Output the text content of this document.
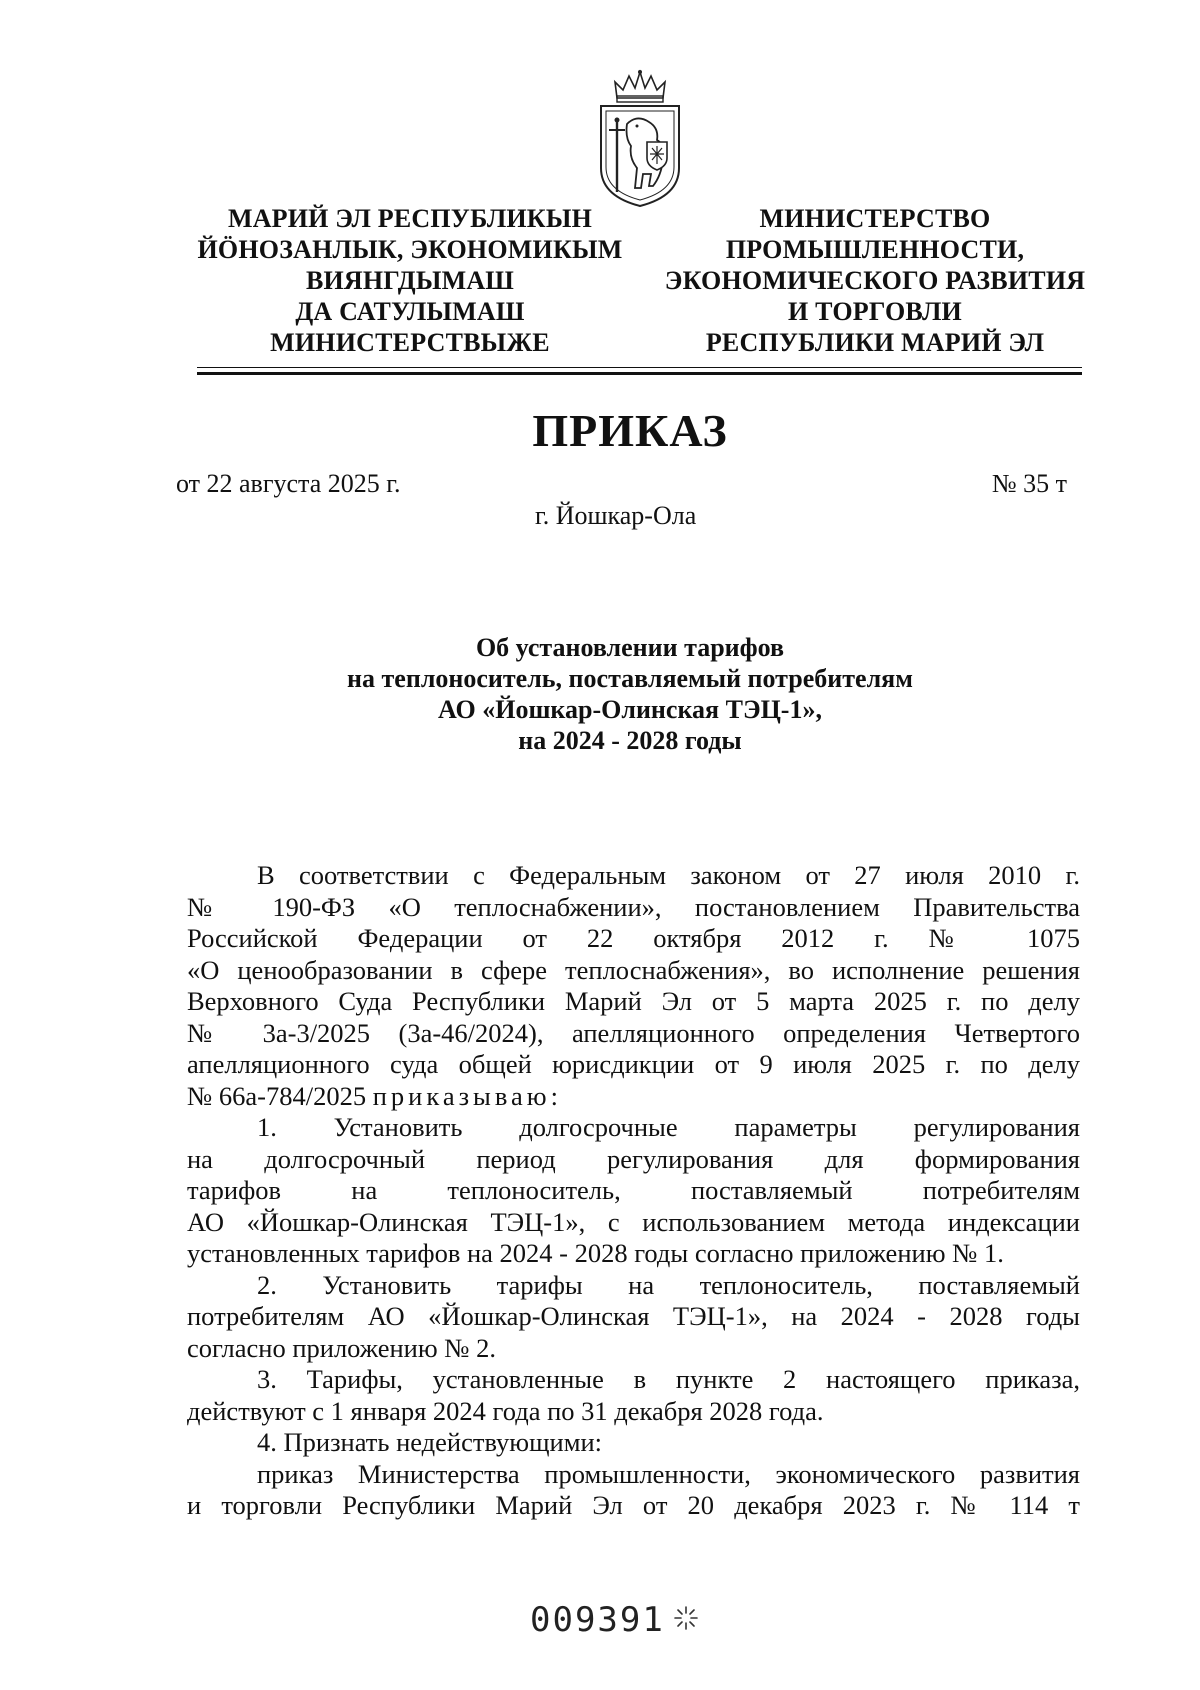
МАРИЙ ЭЛ РЕСПУБЛИКЫН
ЙÖНОЗАНЛЫК, ЭКОНОМИКЫМ
ВИЯНГДЫМАШ
ДА САТУЛЫМАШ
МИНИСТЕРСТВЫЖЕ
МИНИСТЕРСТВО
ПРОМЫШЛЕННОСТИ,
ЭКОНОМИЧЕСКОГО РАЗВИТИЯ
И ТОРГОВЛИ
РЕСПУБЛИКИ МАРИЙ ЭЛ
ПРИКАЗ
от 22 августа 2025 г.	№ 35 т
г. Йошкар-Ола
Об установлении тарифов
на теплоноситель, поставляемый потребителям
АО «Йошкар-Олинская ТЭЦ-1»,
на 2024 - 2028 годы
В соответствии с Федеральным законом от 27 июля 2010 г.
№ 190-ФЗ «О теплоснабжении», постановлением Правительства
Российской Федерации от 22 октября 2012 г. № 1075
«О ценообразовании в сфере теплоснабжения», во исполнение решения
Верховного Суда Республики Марий Эл от 5 марта 2025 г. по делу
№ 3а-3/2025 (3а-46/2024), апелляционного определения Четвертого
апелляционного суда общей юрисдикции от 9 июля 2025 г. по делу
№ 66а-784/2025 приказываю:
1. Установить долгосрочные параметры регулирования
на долгосрочный период регулирования для формирования
тарифов на теплоноситель, поставляемый потребителям
АО «Йошкар-Олинская ТЭЦ-1», с использованием метода индексации
установленных тарифов на 2024 - 2028 годы согласно приложению № 1.
2. Установить тарифы на теплоноситель, поставляемый
потребителям АО «Йошкар-Олинская ТЭЦ-1», на 2024 - 2028 годы
согласно приложению № 2.
3. Тарифы, установленные в пункте 2 настоящего приказа,
действуют с 1 января 2024 года по 31 декабря 2028 года.
4. Признать недействующими:
приказ Министерства промышленности, экономического развития
и торговли Республики Марий Эл от 20 декабря 2023 г. № 114 т
009391
